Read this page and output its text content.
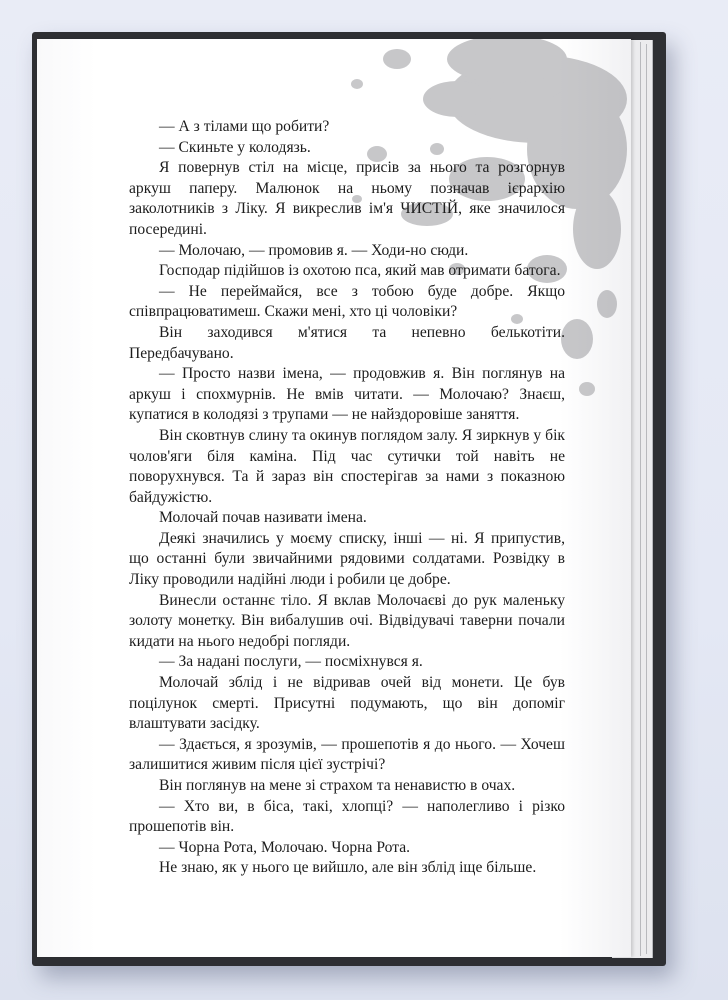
— А з тілами що робити?

— Скиньте у колодязь.

Я повернув стіл на місце, присів за нього та розгорнув аркуш паперу. Малюнок на ньому позначав ієрархію заколотників з Ліку. Я викреслив ім'я ЧИСТІЙ, яке значилося посередині.

— Молочаю, — промовив я. — Ходи-но сюди.

Господар підійшов із охотою пса, який мав отримати батога.

— Не переймайся, все з тобою буде добре. Якщо співпрацюватимеш. Скажи мені, хто ці чоловіки?

Він заходився м'ятися та непевно белькотіти. Передбачувано.

— Просто назви імена, — продовжив я. Він поглянув на аркуш і спохмурнів. Не вмів читати. — Молочаю? Знаєш, купатися в колодязі з трупами — не найздоровіше заняття.

Він сковтнув слину та окинув поглядом залу. Я зиркнув у бік чолов'яги біля каміна. Під час сутички той навіть не поворухнувся. Та й зараз він спостерігав за нами з показною байдужістю.

Молочай почав називати імена.

Деякі значились у моєму списку, інші — ні. Я припустив, що останні були звичайними рядовими солдатами. Розвідку в Ліку проводили надійні люди і робили це добре.

Винесли останнє тіло. Я вклав Молочаєві до рук маленьку золоту монетку. Він вибалушив очі. Відвідувачі таверни почали кидати на нього недобрі погляди.

— За надані послуги, — посміхнувся я.

Молочай зблід і не відривав очей від монети. Це був поцілунок смерті. Присутні подумають, що він допоміг влаштувати засідку.

— Здається, я зрозумів, — прошепотів я до нього. — Хочеш залишитися живим після цієї зустрічі?

Він поглянув на мене зі страхом та ненавистю в очах.

— Хто ви, в біса, такі, хлопці? — наполегливо і різко прошепотів він.

— Чорна Рота, Молочаю. Чорна Рота.

Не знаю, як у нього це вийшло, але він зблід іще більше.
